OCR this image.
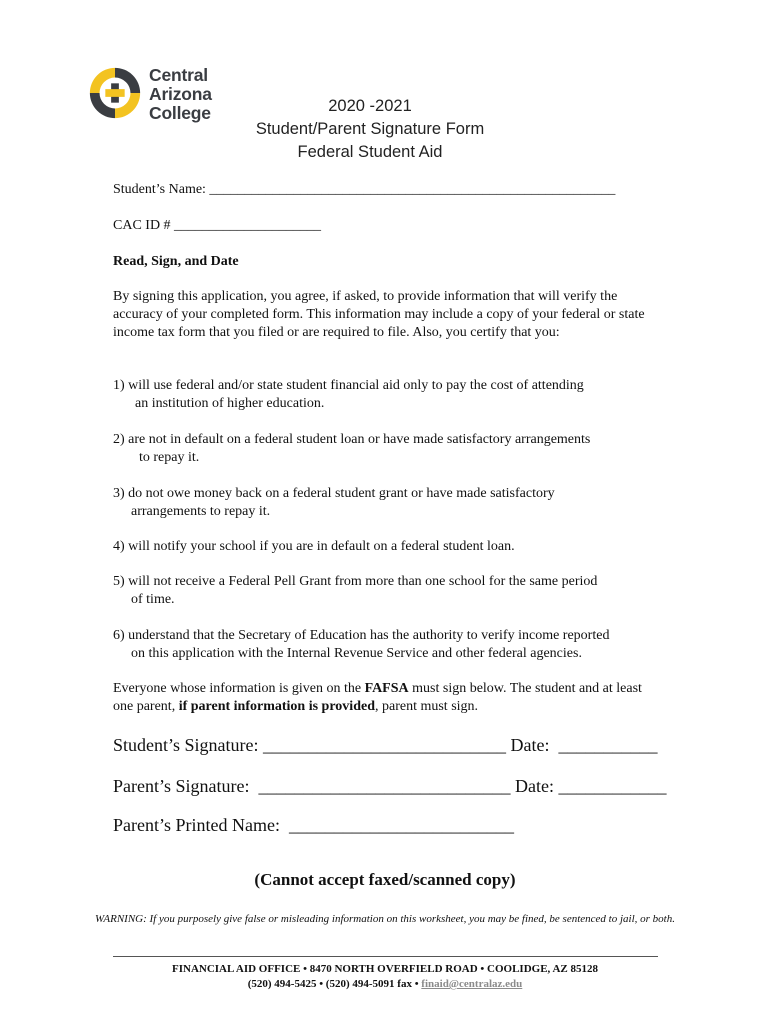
Central
Arizona
College	2020 -2021
Student/Parent Signature Form
Federal Student Aid
Student’s Name: __________________________________________________________
CAC ID # _____________________
Read, Sign, and Date
By signing this application, you agree, if asked, to provide information that will verify the accuracy of your completed form. This information may include a copy of your federal or state income tax form that you filed or are required to file. Also, you certify that you:
1) will use federal and/or state student financial aid only to pay the cost of attending
an institution of higher education.
2) are not in default on a federal student loan or have made satisfactory arrangements
to repay it.
3) do not owe money back on a federal student grant or have made satisfactory
arrangements to repay it.
4) will notify your school if you are in default on a federal student loan.
5) will not receive a Federal Pell Grant from more than one school for the same period
of time.
6) understand that the Secretary of Education has the authority to verify income reported
on this application with the Internal Revenue Service and other federal agencies.
Everyone whose information is given on the FAFSA must sign below. The student and at least one parent, if parent information is provided, parent must sign.
Student’s Signature: ___________________________ Date:  ___________
Parent’s Signature:  ____________________________ Date: ____________
Parent’s Printed Name:  _________________________
(Cannot accept faxed/scanned copy)
WARNING: If you purposely give false or misleading information on this worksheet, you may be fined, be sentenced to jail, or both.
FINANCIAL AID OFFICE • 8470 NORTH OVERFIELD ROAD • COOLIDGE, AZ 85128
(520) 494-5425 • (520) 494-5091 fax • finaid@centralaz.edu
